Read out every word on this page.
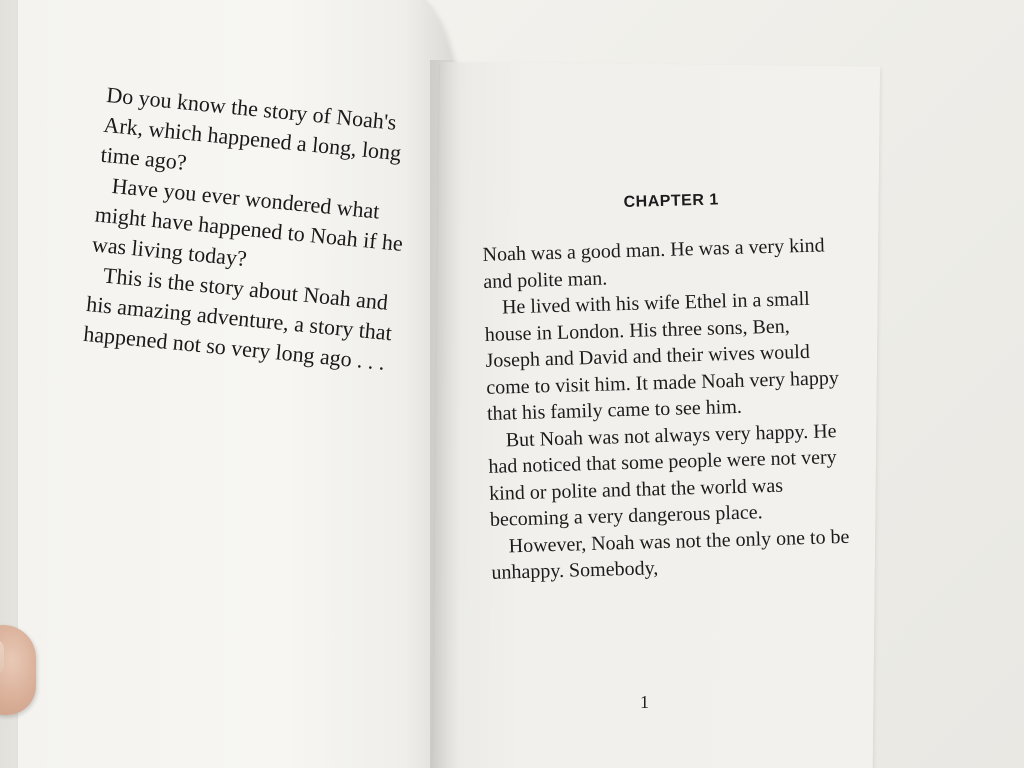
Do you know the story of Noah's Ark, which happened a long, long time ago?

Have you ever wondered what might have happened to Noah if he was living today?

This is the story about Noah and his amazing adventure, a story that happened not so very long ago . . .

CHAPTER 1

Noah was a good man. He was a very kind and polite man.

He lived with his wife Ethel in a small house in London. His three sons, Ben, Joseph and David and their wives would come to visit him. It made Noah very happy that his family came to see him.

But Noah was not always very happy. He had noticed that some people were not very kind or polite and that the world was becoming a very dangerous place.

However, Noah was not the only one to be unhappy. Somebody,

1
